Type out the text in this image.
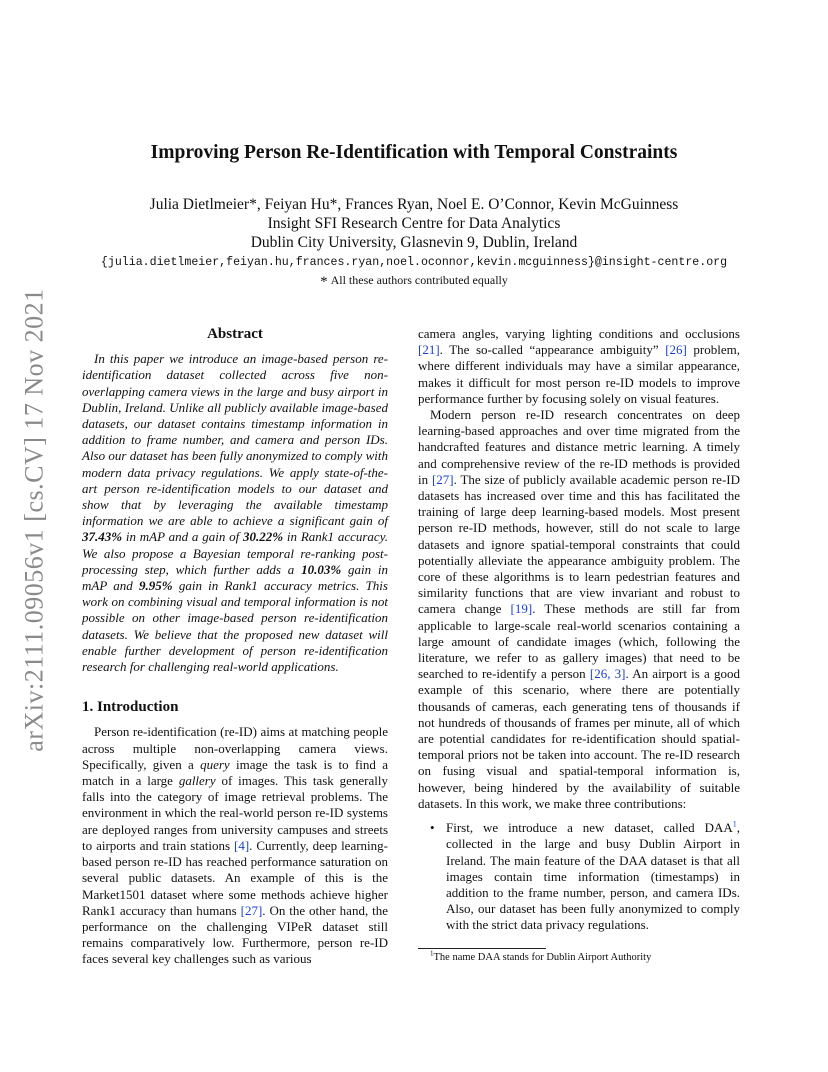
arXiv:2111.09056v1 [cs.CV] 17 Nov 2021
Improving Person Re-Identification with Temporal Constraints
Julia Dietlmeier*, Feiyan Hu*, Frances Ryan, Noel E. O’Connor, Kevin McGuinness
Insight SFI Research Centre for Data Analytics
Dublin City University, Glasnevin 9, Dublin, Ireland
{julia.dietlmeier,feiyan.hu,frances.ryan,noel.oconnor,kevin.mcguinness}@insight-centre.org
* All these authors contributed equally
Abstract

In this paper we introduce an image-based person re-identification dataset collected across five non-overlapping camera views in the large and busy airport in Dublin, Ireland. Unlike all publicly available image-based datasets, our dataset contains timestamp information in addition to frame number, and camera and person IDs. Also our dataset has been fully anonymized to comply with modern data privacy regulations. We apply state-of-the-art person re-identification models to our dataset and show that by leveraging the available timestamp information we are able to achieve a significant gain of 37.43% in mAP and a gain of 30.22% in Rank1 accuracy. We also propose a Bayesian temporal re-ranking post-processing step, which further adds a 10.03% gain in mAP and 9.95% gain in Rank1 accuracy metrics. This work on combining visual and temporal information is not possible on other image-based person re-identification datasets. We believe that the proposed new dataset will enable further development of person re-identification research for challenging real-world applications.

1. Introduction

Person re-identification (re-ID) aims at matching people across multiple non-overlapping camera views. Specifically, given a query image the task is to find a match in a large gallery of images. This task generally falls into the category of image retrieval problems. The environment in which the real-world person re-ID systems are deployed ranges from university campuses and streets to airports and train stations [4]. Currently, deep learning-based person re-ID has reached performance saturation on several public datasets. An example of this is the Market1501 dataset where some methods achieve higher Rank1 accuracy than humans [27]. On the other hand, the performance on the challenging VIPeR dataset still remains comparatively low. Furthermore, person re-ID faces several key challenges such as various

camera angles, varying lighting conditions and occlusions [21]. The so-called “appearance ambiguity” [26] problem, where different individuals may have a similar appearance, makes it difficult for most person re-ID models to improve performance further by focusing solely on visual features.

Modern person re-ID research concentrates on deep learning-based approaches and over time migrated from the handcrafted features and distance metric learning. A timely and comprehensive review of the re-ID methods is provided in [27]. The size of publicly available academic person re-ID datasets has increased over time and this has facilitated the training of large deep learning-based models. Most present person re-ID methods, however, still do not scale to large datasets and ignore spatial-temporal constraints that could potentially alleviate the appearance ambiguity problem. The core of these algorithms is to learn pedestrian features and similarity functions that are view invariant and robust to camera change [19]. These methods are still far from applicable to large-scale real-world scenarios containing a large amount of candidate images (which, following the literature, we refer to as gallery images) that need to be searched to re-identify a person [26, 3]. An airport is a good example of this scenario, where there are potentially thousands of cameras, each generating tens of thousands if not hundreds of thousands of frames per minute, all of which are potential candidates for re-identification should spatial-temporal priors not be taken into account. The re-ID research on fusing visual and spatial-temporal information is, however, being hindered by the availability of suitable datasets. In this work, we make three contributions:

• First, we introduce a new dataset, called DAA$^1$, collected in the large and busy Dublin Airport in Ireland. The main feature of the DAA dataset is that all images contain time information (timestamps) in addition to the frame number, person, and camera IDs. Also, our dataset has been fully anonymized to comply with the strict data privacy regulations.
$^1$The name DAA stands for Dublin Airport Authority
